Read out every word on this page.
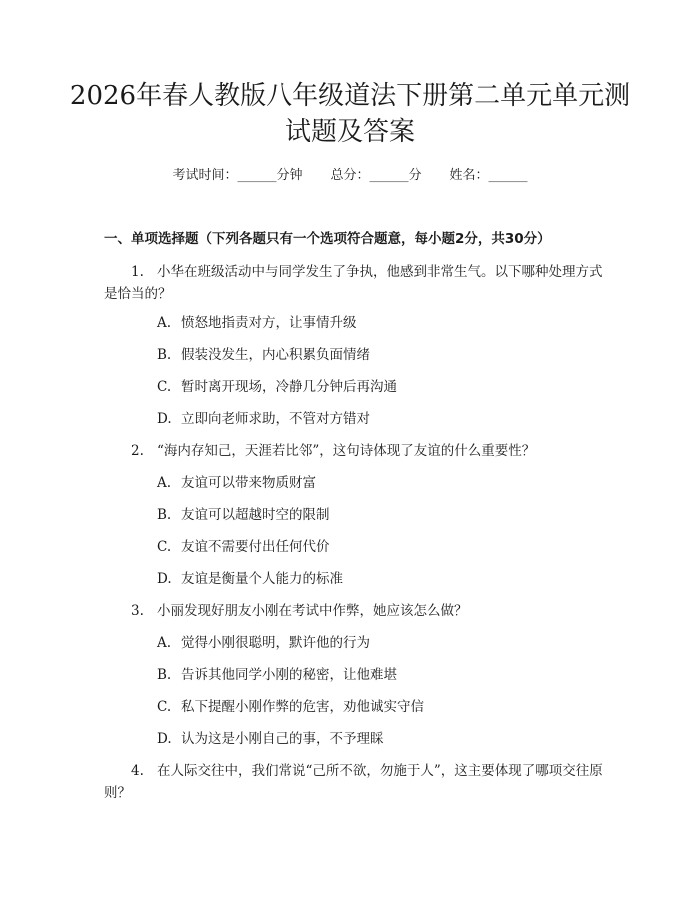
2026年春人教版八年级道法下册第二单元单元测试题及答案
考试时间：______分钟 总分：______分 姓名：______
一、单项选择题（下列各题只有一个选项符合题意，每小题2分，共30分）
1. 小华在班级活动中与同学发生了争执，他感到非常生气。以下哪种处理方式是恰当的？
A. 愤怒地指责对方，让事情升级
B. 假装没发生，内心积累负面情绪
C. 暂时离开现场，冷静几分钟后再沟通
D. 立即向老师求助，不管对方错对
2. “海内存知己，天涯若比邻”，这句诗体现了友谊的什么重要性？
A. 友谊可以带来物质财富
B. 友谊可以超越时空的限制
C. 友谊不需要付出任何代价
D. 友谊是衡量个人能力的标准
3. 小丽发现好朋友小刚在考试中作弊，她应该怎么做？
A. 觉得小刚很聪明，默许他的行为
B. 告诉其他同学小刚的秘密，让他难堪
C. 私下提醒小刚作弊的危害，劝他诚实守信
D. 认为这是小刚自己的事，不予理睬
4. 在人际交往中，我们常说“己所不欲，勿施于人”，这主要体现了哪项交往原则？
